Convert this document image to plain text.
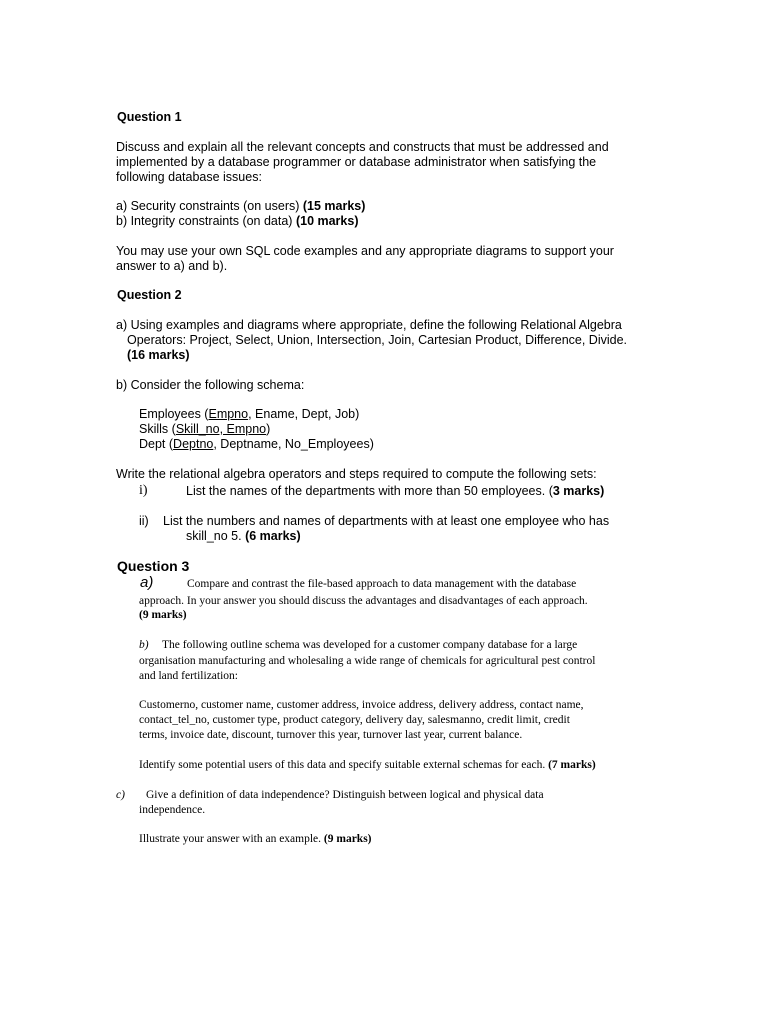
Question 1
Discuss and explain all the relevant concepts and constructs that must be addressed and
implemented by a database programmer or database administrator when satisfying the
following database issues:
a) Security constraints (on users) (15 marks)
b) Integrity constraints (on data) (10 marks)
You may use your own SQL code examples and any appropriate diagrams to support your
answer to a) and b).
Question 2
a) Using examples and diagrams where appropriate, define the following Relational Algebra
Operators: Project, Select, Union, Intersection, Join, Cartesian Product, Difference, Divide.
(16 marks)
b) Consider the following schema:
Employees (Empno, Ename, Dept, Job)
Skills (Skill_no, Empno)
Dept (Deptno, Deptname, No_Employees)
Write the relational algebra operators and steps required to compute the following sets:
i)	List the names of the departments with more than 50 employees. (3 marks)
ii) List the numbers and names of departments with at least one employee who has
skill_no 5. (6 marks)
Question 3
a)	Compare and contrast the file-based approach to data management with the database
approach. In your answer you should discuss the advantages and disadvantages of each approach.
(9 marks)
b) The following outline schema was developed for a customer company database for a large
organisation manufacturing and wholesaling a wide range of chemicals for agricultural pest control
and land fertilization:
Customerno, customer name, customer address, invoice address, delivery address, contact name,
contact_tel_no, customer type, product category, delivery day, salesmanno, credit limit, credit
terms, invoice date, discount, turnover this year, turnover last year, current balance.
Identify some potential users of this data and specify suitable external schemas for each. (7 marks)
c) Give a definition of data independence? Distinguish between logical and physical data
independence.
Illustrate your answer with an example. (9 marks)
